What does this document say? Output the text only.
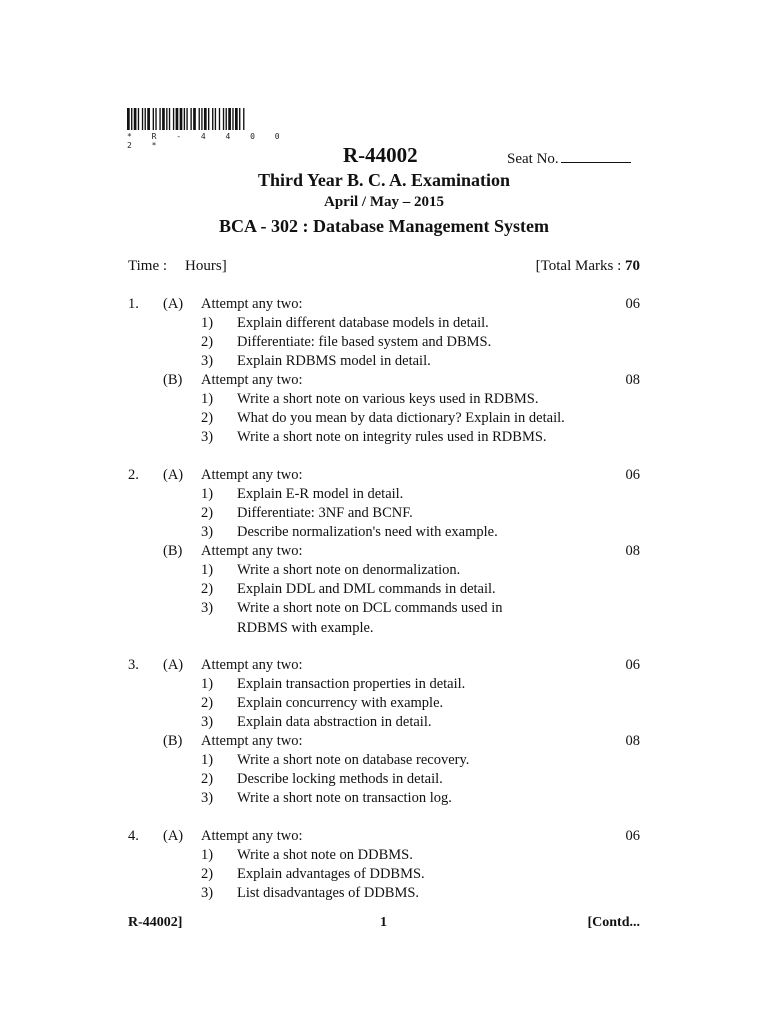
* R - 4 4 0 0 2 *	R-44002	Seat No.
Third Year B. C. A. Examination
April / May – 2015
BCA - 302 : Database Management System
Time : Hours]	[Total Marks : 70
1. (A) Attempt any two:	06
1) Explain different database models in detail.
2) Differentiate: file based system and DBMS.
3) Explain RDBMS model in detail.
(B) Attempt any two:	08
1) Write a short note on various keys used in RDBMS.
2) What do you mean by data dictionary? Explain in detail.
3) Write a short note on integrity rules used in RDBMS.
2. (A) Attempt any two:	06
1) Explain E-R model in detail.
2) Differentiate: 3NF and BCNF.
3) Describe normalization's need with example.
(B) Attempt any two:	08
1) Write a short note on denormalization.
2) Explain DDL and DML commands in detail.
3) Write a short note on DCL commands used in
RDBMS with example.
3. (A) Attempt any two:	06
1) Explain transaction properties in detail.
2) Explain concurrency with example.
3) Explain data abstraction in detail.
(B) Attempt any two:	08
1) Write a short note on database recovery.
2) Describe locking methods in detail.
3) Write a short note on transaction log.
4. (A) Attempt any two:	06
1) Write a shot note on DDBMS.
2) Explain advantages of DDBMS.
3) List disadvantages of DDBMS.
R-44002]	1	[Contd...
